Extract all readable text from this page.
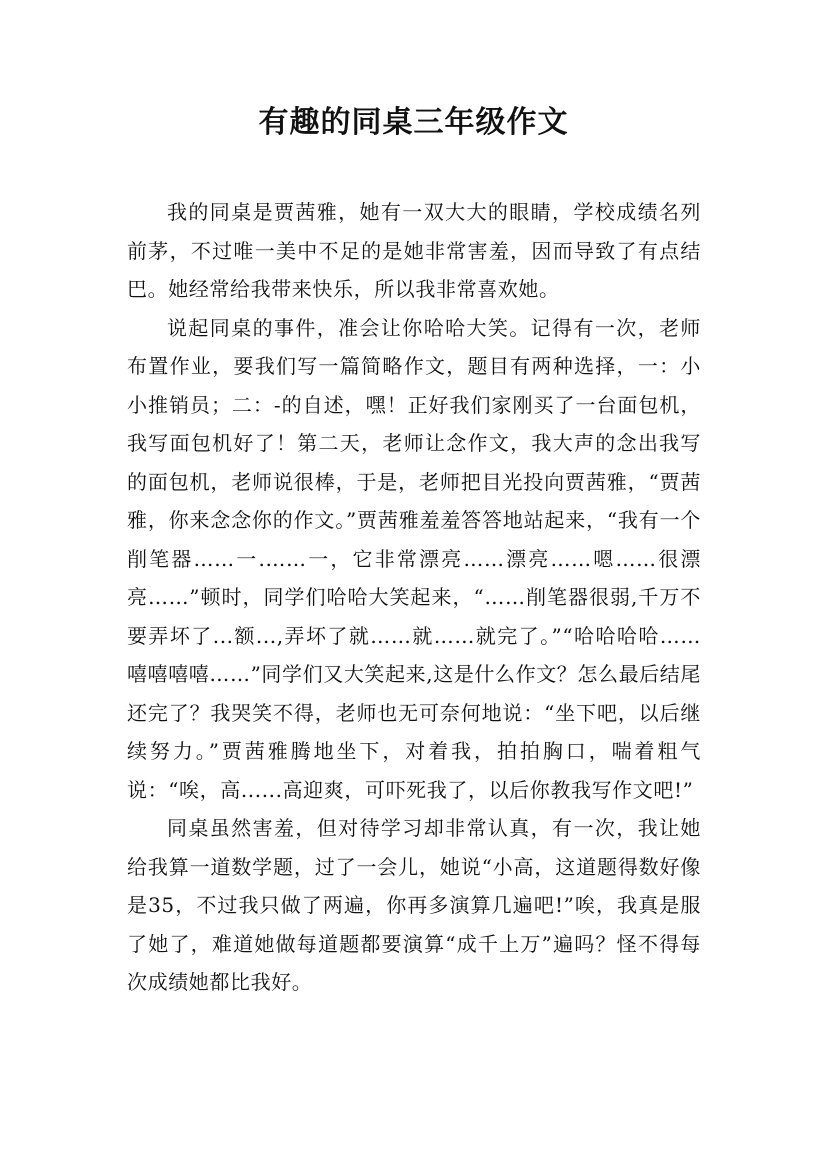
有趣的同桌三年级作文

我的同桌是贾茜雅，她有一双大大的眼睛，学校成绩名列前茅，不过唯一美中不足的是她非常害羞，因而导致了有点结巴。她经常给我带来快乐，所以我非常喜欢她。

说起同桌的事件，准会让你哈哈大笑。记得有一次，老师布置作业，要我们写一篇简略作文，题目有两种选择，一：小小推销员；二：-的自述，嘿！正好我们家刚买了一台面包机，我写面包机好了！第二天，老师让念作文，我大声的念出我写的面包机，老师说很棒，于是，老师把目光投向贾茜雅，“贾茜雅，你来念念你的作文。”贾茜雅羞羞答答地站起来，“我有一个削笔器……一.……一，它非常漂亮……漂亮……嗯……很漂亮……”顿时，同学们哈哈大笑起来，“……削笔器很弱,千万不要弄坏了...额...,弄坏了就……就……就完了。”“哈哈哈哈……嘻嘻嘻嘻……”同学们又大笑起来,这是什么作文？怎么最后结尾还完了？我哭笑不得，老师也无可奈何地说：“坐下吧，以后继续努力。”贾茜雅腾地坐下，对着我，拍拍胸口，喘着粗气说：“唉，高......高迎爽，可吓死我了，以后你教我写作文吧!”

同桌虽然害羞，但对待学习却非常认真，有一次，我让她给我算一道数学题，过了一会儿，她说“小高，这道题得数好像是35，不过我只做了两遍，你再多演算几遍吧!”唉，我真是服了她了，难道她做每道题都要演算“成千上万”遍吗？怪不得每次成绩她都比我好。
